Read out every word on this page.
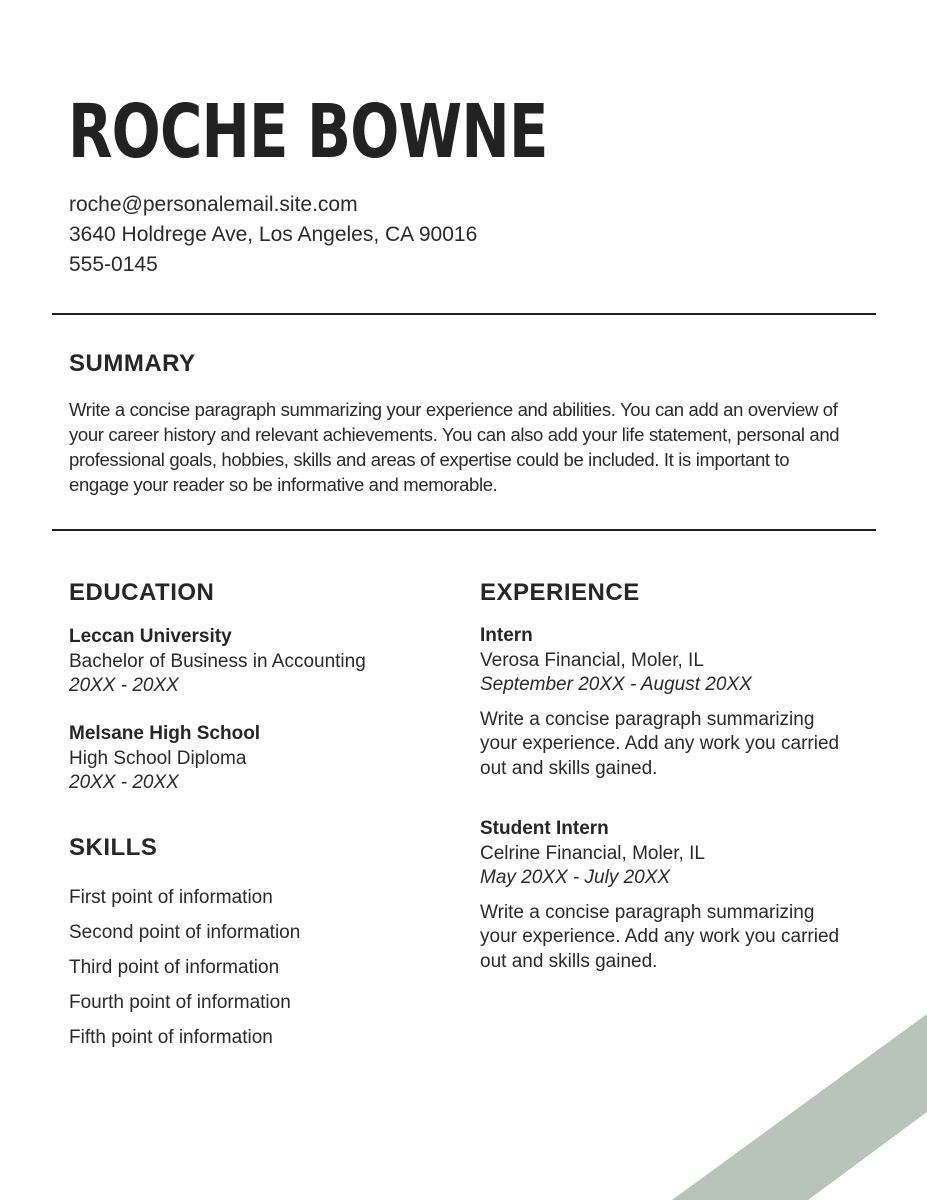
ROCHE BOWNE
roche@personalemail.site.com
3640 Holdrege Ave, Los Angeles, CA 90016
555-0145
SUMMARY
Write a concise paragraph summarizing your experience and abilities. You can add an overview of your career history and relevant achievements. You can also add your life statement, personal and professional goals, hobbies, skills and areas of expertise could be included. It is important to engage your reader so be informative and memorable.
EDUCATION
Leccan University
Bachelor of Business in Accounting
20XX - 20XX
Melsane High School
High School Diploma
20XX - 20XX
SKILLS
First point of information
Second point of information
Third point of information
Fourth point of information
Fifth point of information
EXPERIENCE
Intern
Verosa Financial, Moler, IL
September 20XX - August 20XX
Write a concise paragraph summarizing your experience. Add any work you carried out and skills gained.
Student Intern
Celrine Financial, Moler, IL
May 20XX - July 20XX
Write a concise paragraph summarizing your experience. Add any work you carried out and skills gained.
